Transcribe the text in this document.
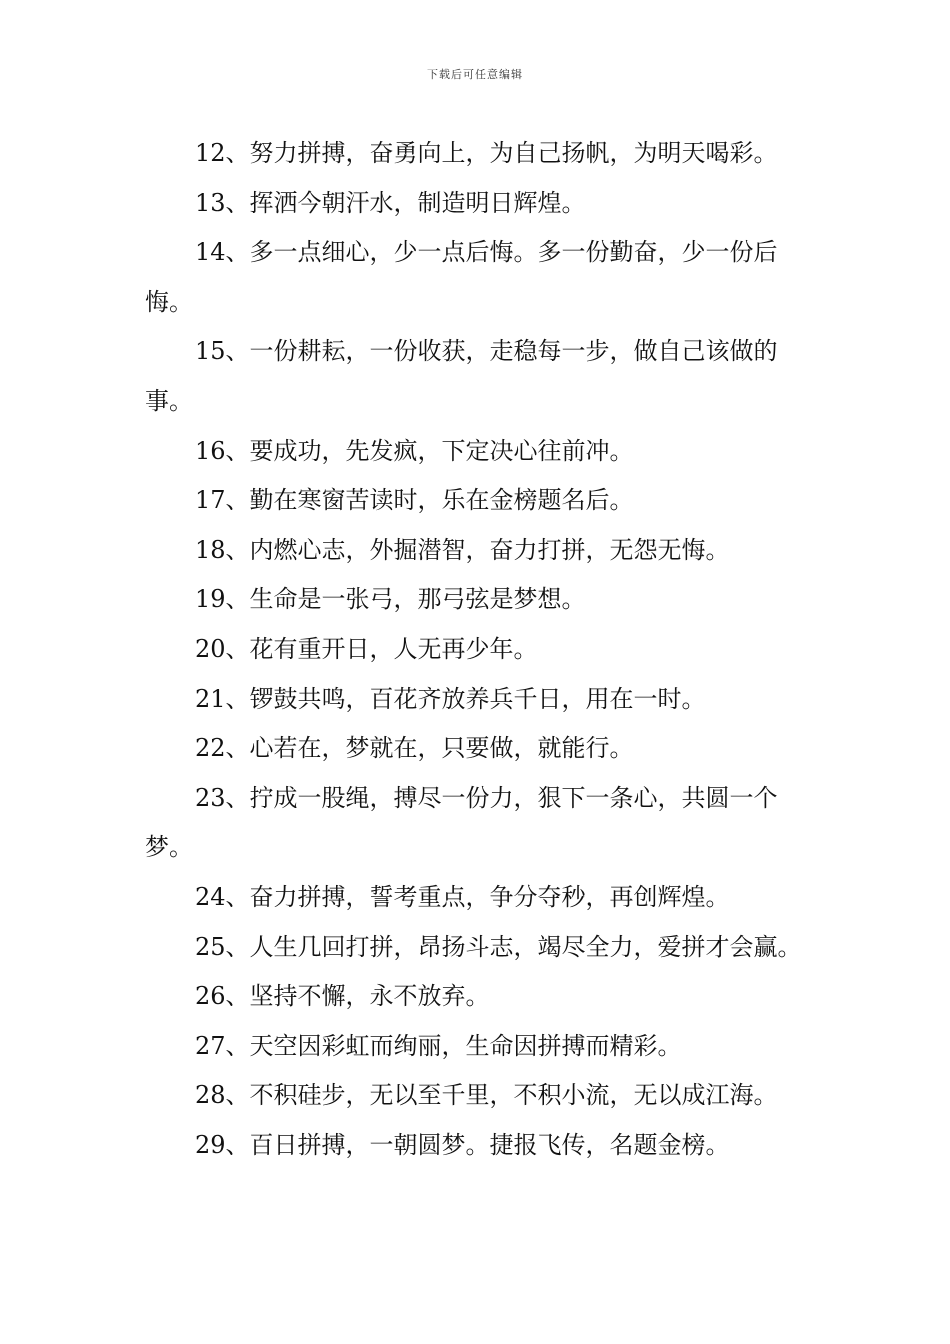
下载后可任意编辑

12、努力拼搏，奋勇向上，为自己扬帆，为明天喝彩。

13、挥洒今朝汗水，制造明日辉煌。

14、多一点细心，少一点后悔。多一份勤奋，少一份后悔。

15、一份耕耘，一份收获，走稳每一步，做自己该做的事。

16、要成功，先发疯，下定决心往前冲。

17、勤在寒窗苦读时，乐在金榜题名后。

18、内燃心志，外掘潜智，奋力打拼，无怨无悔。

19、生命是一张弓，那弓弦是梦想。

20、花有重开日，人无再少年。

21、锣鼓共鸣，百花齐放养兵千日，用在一时。

22、心若在，梦就在，只要做，就能行。

23、拧成一股绳，搏尽一份力，狠下一条心，共圆一个梦。

24、奋力拼搏，誓考重点，争分夺秒，再创辉煌。

25、人生几回打拼，昂扬斗志，竭尽全力，爱拼才会赢。

26、坚持不懈，永不放弃。

27、天空因彩虹而绚丽，生命因拼搏而精彩。

28、不积硅步，无以至千里，不积小流，无以成江海。

29、百日拼搏，一朝圆梦。捷报飞传，名题金榜。
